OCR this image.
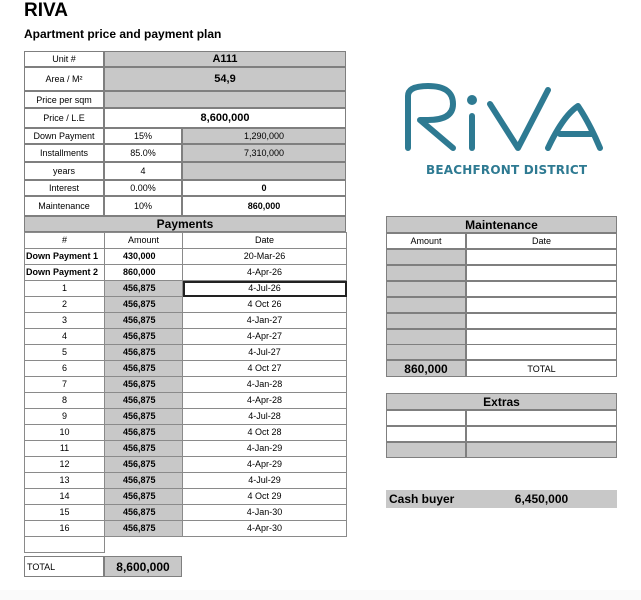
RIVA
Apartment price and payment plan
Unit #	A111
Area / M²	54,9
Price per sqm
Price / L.E	8,600,000
Down Payment	15%	1,290,000
Installments	85.0%	7,310,000
years	4
Interest	0.00%	0
Maintenance	10%	860,000
Payments
#	Amount	Date
Down Payment 1	430,000	20-Mar-26
Down Payment 2	860,000	4-Apr-26
1	456,875	4-Jul-26
2	456,875	4 Oct 26
3	456,875	4-Jan-27
4	456,875	4-Apr-27
5	456,875	4-Jul-27
6	456,875	4 Oct 27
7	456,875	4-Jan-28
8	456,875	4-Apr-28
9	456,875	4-Jul-28
10	456,875	4 Oct 28
11	456,875	4-Jan-29
12	456,875	4-Apr-29
13	456,875	4-Jul-29
14	456,875	4 Oct 29
15	456,875	4-Jan-30
16	456,875	4-Apr-30

TOTAL	8,600,000
BEACHFRONT DISTRICT
Maintenance
Amount	Date
860,000	TOTAL
Extras
Cash buyer	6,450,000
